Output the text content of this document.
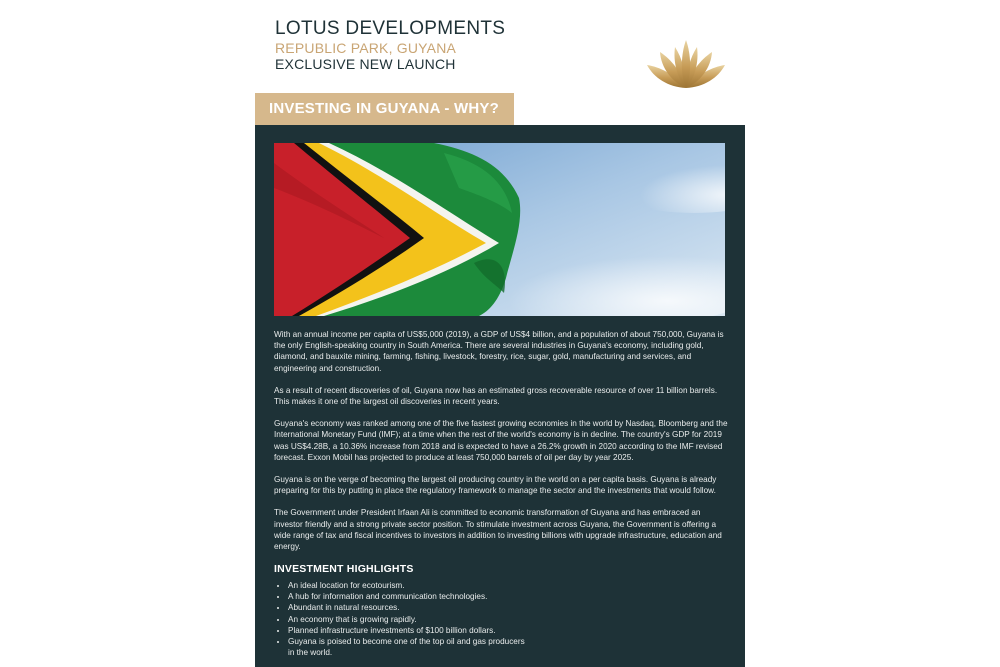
LOTUS DEVELOPMENTS
REPUBLIC PARK, GUYANA
EXCLUSIVE NEW LAUNCH
INVESTING IN GUYANA - WHY?

With an annual income per capita of US$5,000 (2019), a GDP of US$4 billion, and a population of about 750,000, Guyana is the only English-speaking country in South America. There are several industries in Guyana's economy, including gold, diamond, and bauxite mining, farming, fishing, livestock, forestry, rice, sugar, gold, manufacturing and services, and engineering and construction.

As a result of recent discoveries of oil, Guyana now has an estimated gross recoverable resource of over 11 billion barrels. This makes it one of the largest oil discoveries in recent years.

Guyana's economy was ranked among one of the five fastest growing economies in the world by Nasdaq, Bloomberg and the International Monetary Fund (IMF); at a time when the rest of the world's economy is in decline. The country's GDP for 2019 was US$4.28B, a 10.36% increase from 2018 and is expected to have a 26.2% growth in 2020 according to the IMF revised forecast. Exxon Mobil has projected to produce at least 750,000 barrels of oil per day by year 2025.

Guyana is on the verge of becoming the largest oil producing country in the world on a per capita basis. Guyana is already preparing for this by putting in place the regulatory framework to manage the sector and the investments that would follow.

The Government under President Irfaan Ali is committed to economic transformation of Guyana and has embraced an investor friendly and a strong private sector position. To stimulate investment across Guyana, the Government is offering a wide range of tax and fiscal incentives to investors in addition to investing billions with upgrade infrastructure, education and energy.

INVESTMENT HIGHLIGHTS
• An ideal location for ecotourism.
• A hub for information and communication technologies.
• Abundant in natural resources.
• An economy that is growing rapidly.
• Planned infrastructure investments of $100 billion dollars.
• Guyana is poised to become one of the top oil and gas producers in the world.
